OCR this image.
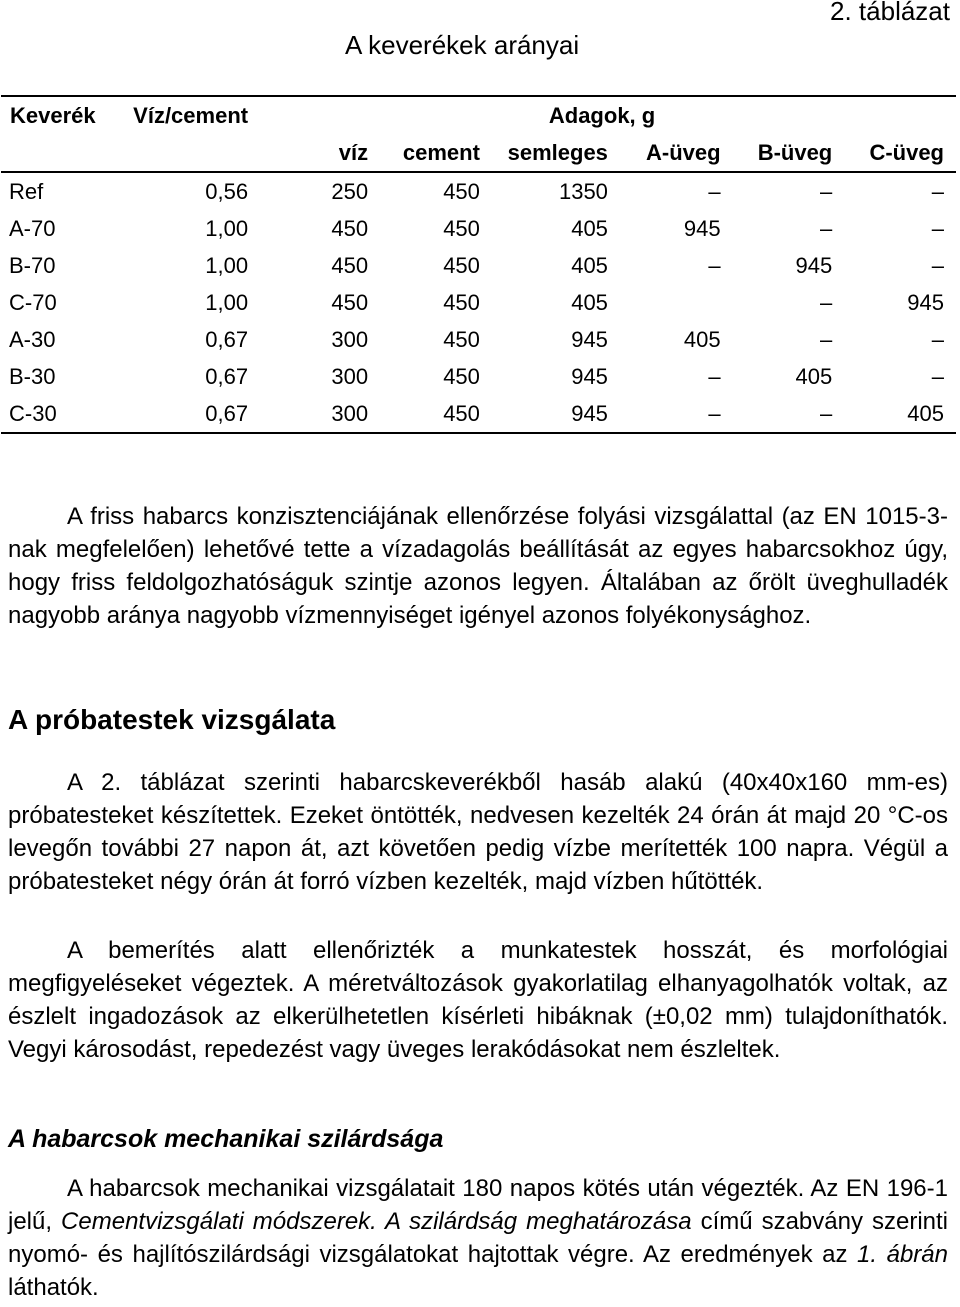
2. táblázat
A keverékek arányai
Keverék	Víz/cement	Adagok, g					
		víz	cement	semleges	A-üveg	B-üveg	C-üveg
Ref	0,56	250	450	1350	–	–	–
A-70	1,00	450	450	405	945	–	–
B-70	1,00	450	450	405	–	945	–
C-70	1,00	450	450	405		–	945
A-30	0,67	300	450	945	405	–	–
B-30	0,67	300	450	945	–	405	–
C-30	0,67	300	450	945	–	–	405

A friss habarcs konzisztenciájának ellenőrzése folyási vizsgálattal (az EN 1015-3-nak megfelelően) lehetővé tette a vízadagolás beállítását az egyes habarcsokhoz úgy, hogy friss feldolgozhatóságuk szintje azonos legyen. Általában az őrölt üveghulladék nagyobb aránya nagyobb vízmennyiséget igényel azonos folyékonysághoz.

A próbatestek vizsgálata

A 2. táblázat szerinti habarcskeverékből hasáb alakú (40x40x160 mm-es) próbatesteket készítettek. Ezeket öntötték, nedvesen kezelték 24 órán át majd 20 °C-os levegőn további 27 napon át, azt követően pedig vízbe merítették 100 napra. Végül a próbatesteket négy órán át forró vízben kezelték, majd vízben hűtötték.

A bemerítés alatt ellenőrizték a munkatestek hosszát, és morfológiai megfigyeléseket végeztek. A méretváltozások gyakorlatilag elhanyagolhatók voltak, az észlelt ingadozások az elkerülhetetlen kísérleti hibáknak (±0,02 mm) tulajdoníthatók. Vegyi károsodást, repedezést vagy üveges lerakódásokat nem észleltek.

A habarcsok mechanikai szilárdsága

A habarcsok mechanikai vizsgálatait 180 napos kötés után végezték. Az EN 196-1 jelű, Cementvizsgálati módszerek. A szilárdság meghatározása című szabvány szerinti nyomó- és hajlítószilárdsági vizsgálatokat hajtottak végre. Az eredmények az 1. ábrán láthatók.
